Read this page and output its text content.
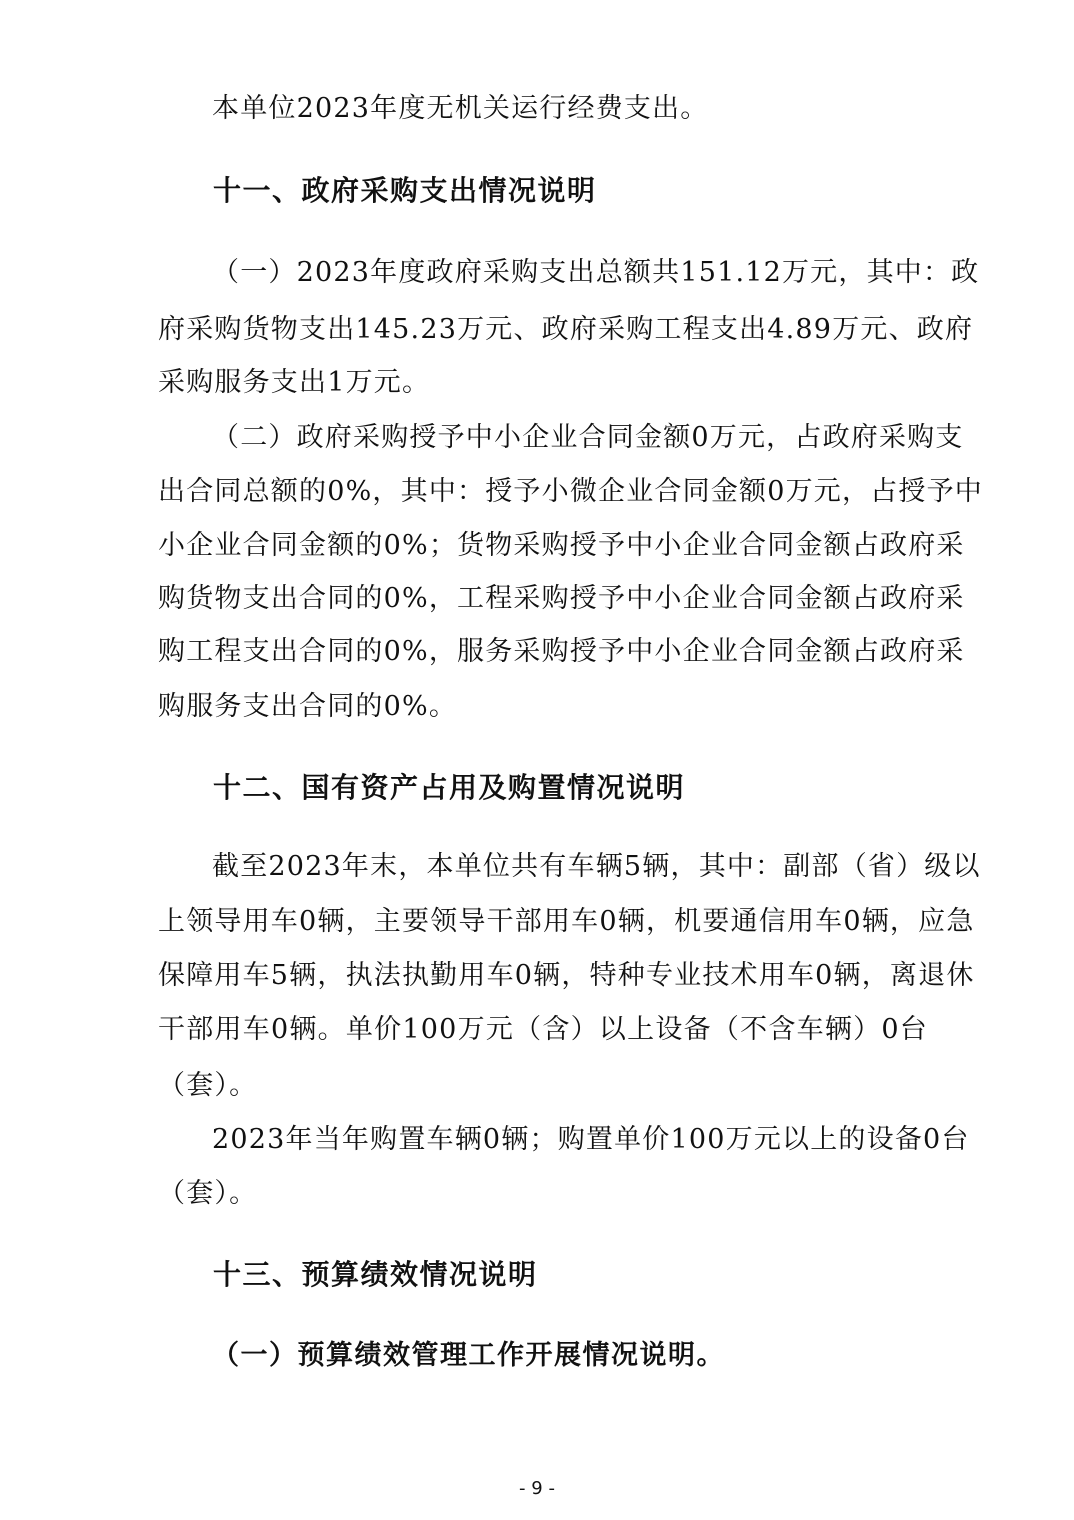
本单位2023年度无机关运行经费支出。
十一、政府采购支出情况说明
（一）2023年度政府采购支出总额共151.12万元，其中：政
府采购货物支出145.23万元、政府采购工程支出4.89万元、政府
采购服务支出1万元。
（二）政府采购授予中小企业合同金额0万元，占政府采购支
出合同总额的0%，其中：授予小微企业合同金额0万元，占授予中
小企业合同金额的0%；货物采购授予中小企业合同金额占政府采
购货物支出合同的0%，工程采购授予中小企业合同金额占政府采
购工程支出合同的0%，服务采购授予中小企业合同金额占政府采
购服务支出合同的0%。
十二、国有资产占用及购置情况说明
截至2023年末，本单位共有车辆5辆，其中：副部（省）级以
上领导用车0辆，主要领导干部用车0辆，机要通信用车0辆，应急
保障用车5辆，执法执勤用车0辆，特种专业技术用车0辆，离退休
干部用车0辆。单价100万元（含）以上设备（不含车辆）0台
（套）。
2023年当年购置车辆0辆；购置单价100万元以上的设备0台
（套）。
十三、预算绩效情况说明
（一）预算绩效管理工作开展情况说明。
- 9 -
